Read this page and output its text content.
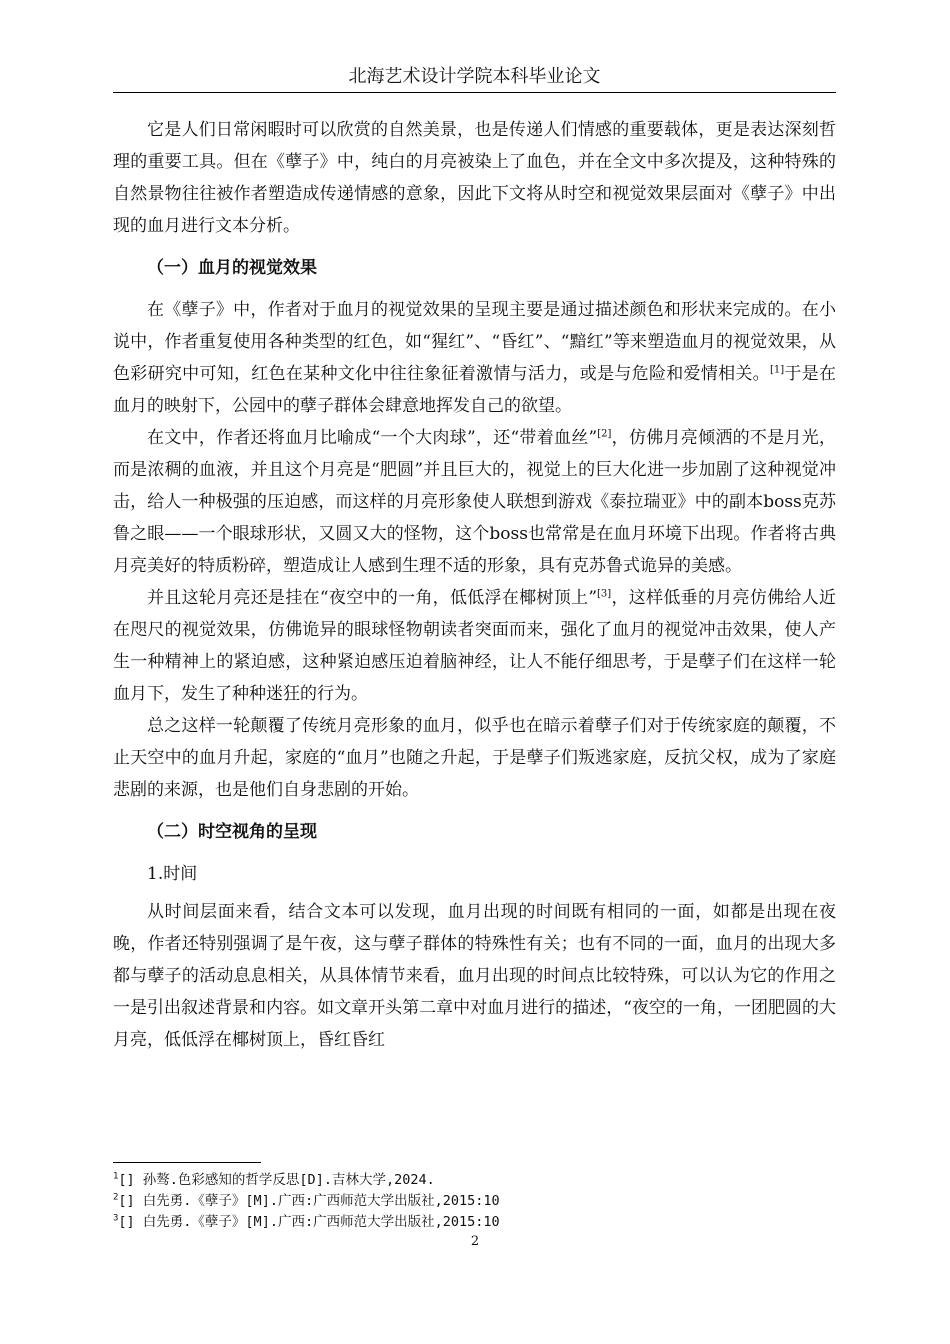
北海艺术设计学院本科毕业论文

它是人们日常闲暇时可以欣赏的自然美景，也是传递人们情感的重要载体，更是表达深刻哲理的重要工具。但在《孽子》中，纯白的月亮被染上了血色，并在全文中多次提及，这种特殊的自然景物往往被作者塑造成传递情感的意象，因此下文将从时空和视觉效果层面对《孽子》中出现的血月进行文本分析。

（一）血月的视觉效果

在《孽子》中，作者对于血月的视觉效果的呈现主要是通过描述颜色和形状来完成的。在小说中，作者重复使用各种类型的红色，如“猩红”、“昏红”、“黯红”等来塑造血月的视觉效果，从色彩研究中可知，红色在某种文化中往往象征着激情与活力，或是与危险和爱情相关。[1]于是在血月的映射下，公园中的孽子群体会肆意地挥发自己的欲望。

在文中，作者还将血月比喻成“一个大肉球”，还“带着血丝”[2]，仿佛月亮倾洒的不是月光，而是浓稠的血液，并且这个月亮是“肥圆”并且巨大的，视觉上的巨大化进一步加剧了这种视觉冲击，给人一种极强的压迫感，而这样的月亮形象使人联想到游戏《泰拉瑞亚》中的副本boss克苏鲁之眼——一个眼球形状，又圆又大的怪物，这个boss也常常是在血月环境下出现。作者将古典月亮美好的特质粉碎，塑造成让人感到生理不适的形象，具有克苏鲁式诡异的美感。

并且这轮月亮还是挂在“夜空中的一角，低低浮在椰树顶上”[3]，这样低垂的月亮仿佛给人近在咫尺的视觉效果，仿佛诡异的眼球怪物朝读者突面而来，强化了血月的视觉冲击效果，使人产生一种精神上的紧迫感，这种紧迫感压迫着脑神经，让人不能仔细思考，于是孽子们在这样一轮血月下，发生了种种迷狂的行为。

总之这样一轮颠覆了传统月亮形象的血月，似乎也在暗示着孽子们对于传统家庭的颠覆，不止天空中的血月升起，家庭的“血月”也随之升起，于是孽子们叛逃家庭，反抗父权，成为了家庭悲剧的来源，也是他们自身悲剧的开始。

（二）时空视角的呈现

1.时间

从时间层面来看，结合文本可以发现，血月出现的时间既有相同的一面，如都是出现在夜晚，作者还特别强调了是午夜，这与孽子群体的特殊性有关；也有不同的一面，血月的出现大多都与孽子的活动息息相关，从具体情节来看，血月出现的时间点比较特殊，可以认为它的作用之一是引出叙述背景和内容。如文章开头第二章中对血月进行的描述，“夜空的一角，一团肥圆的大月亮，低低浮在椰树顶上，昏红昏红

$^1$[] 孙骜.色彩感知的哲学反思[D].吉林大学,2024.
$^2$[] 白先勇.《孽子》[M].广西:广西师范大学出版社,2015:10
$^3$[] 白先勇.《孽子》[M].广西:广西师范大学出版社,2015:10
2
